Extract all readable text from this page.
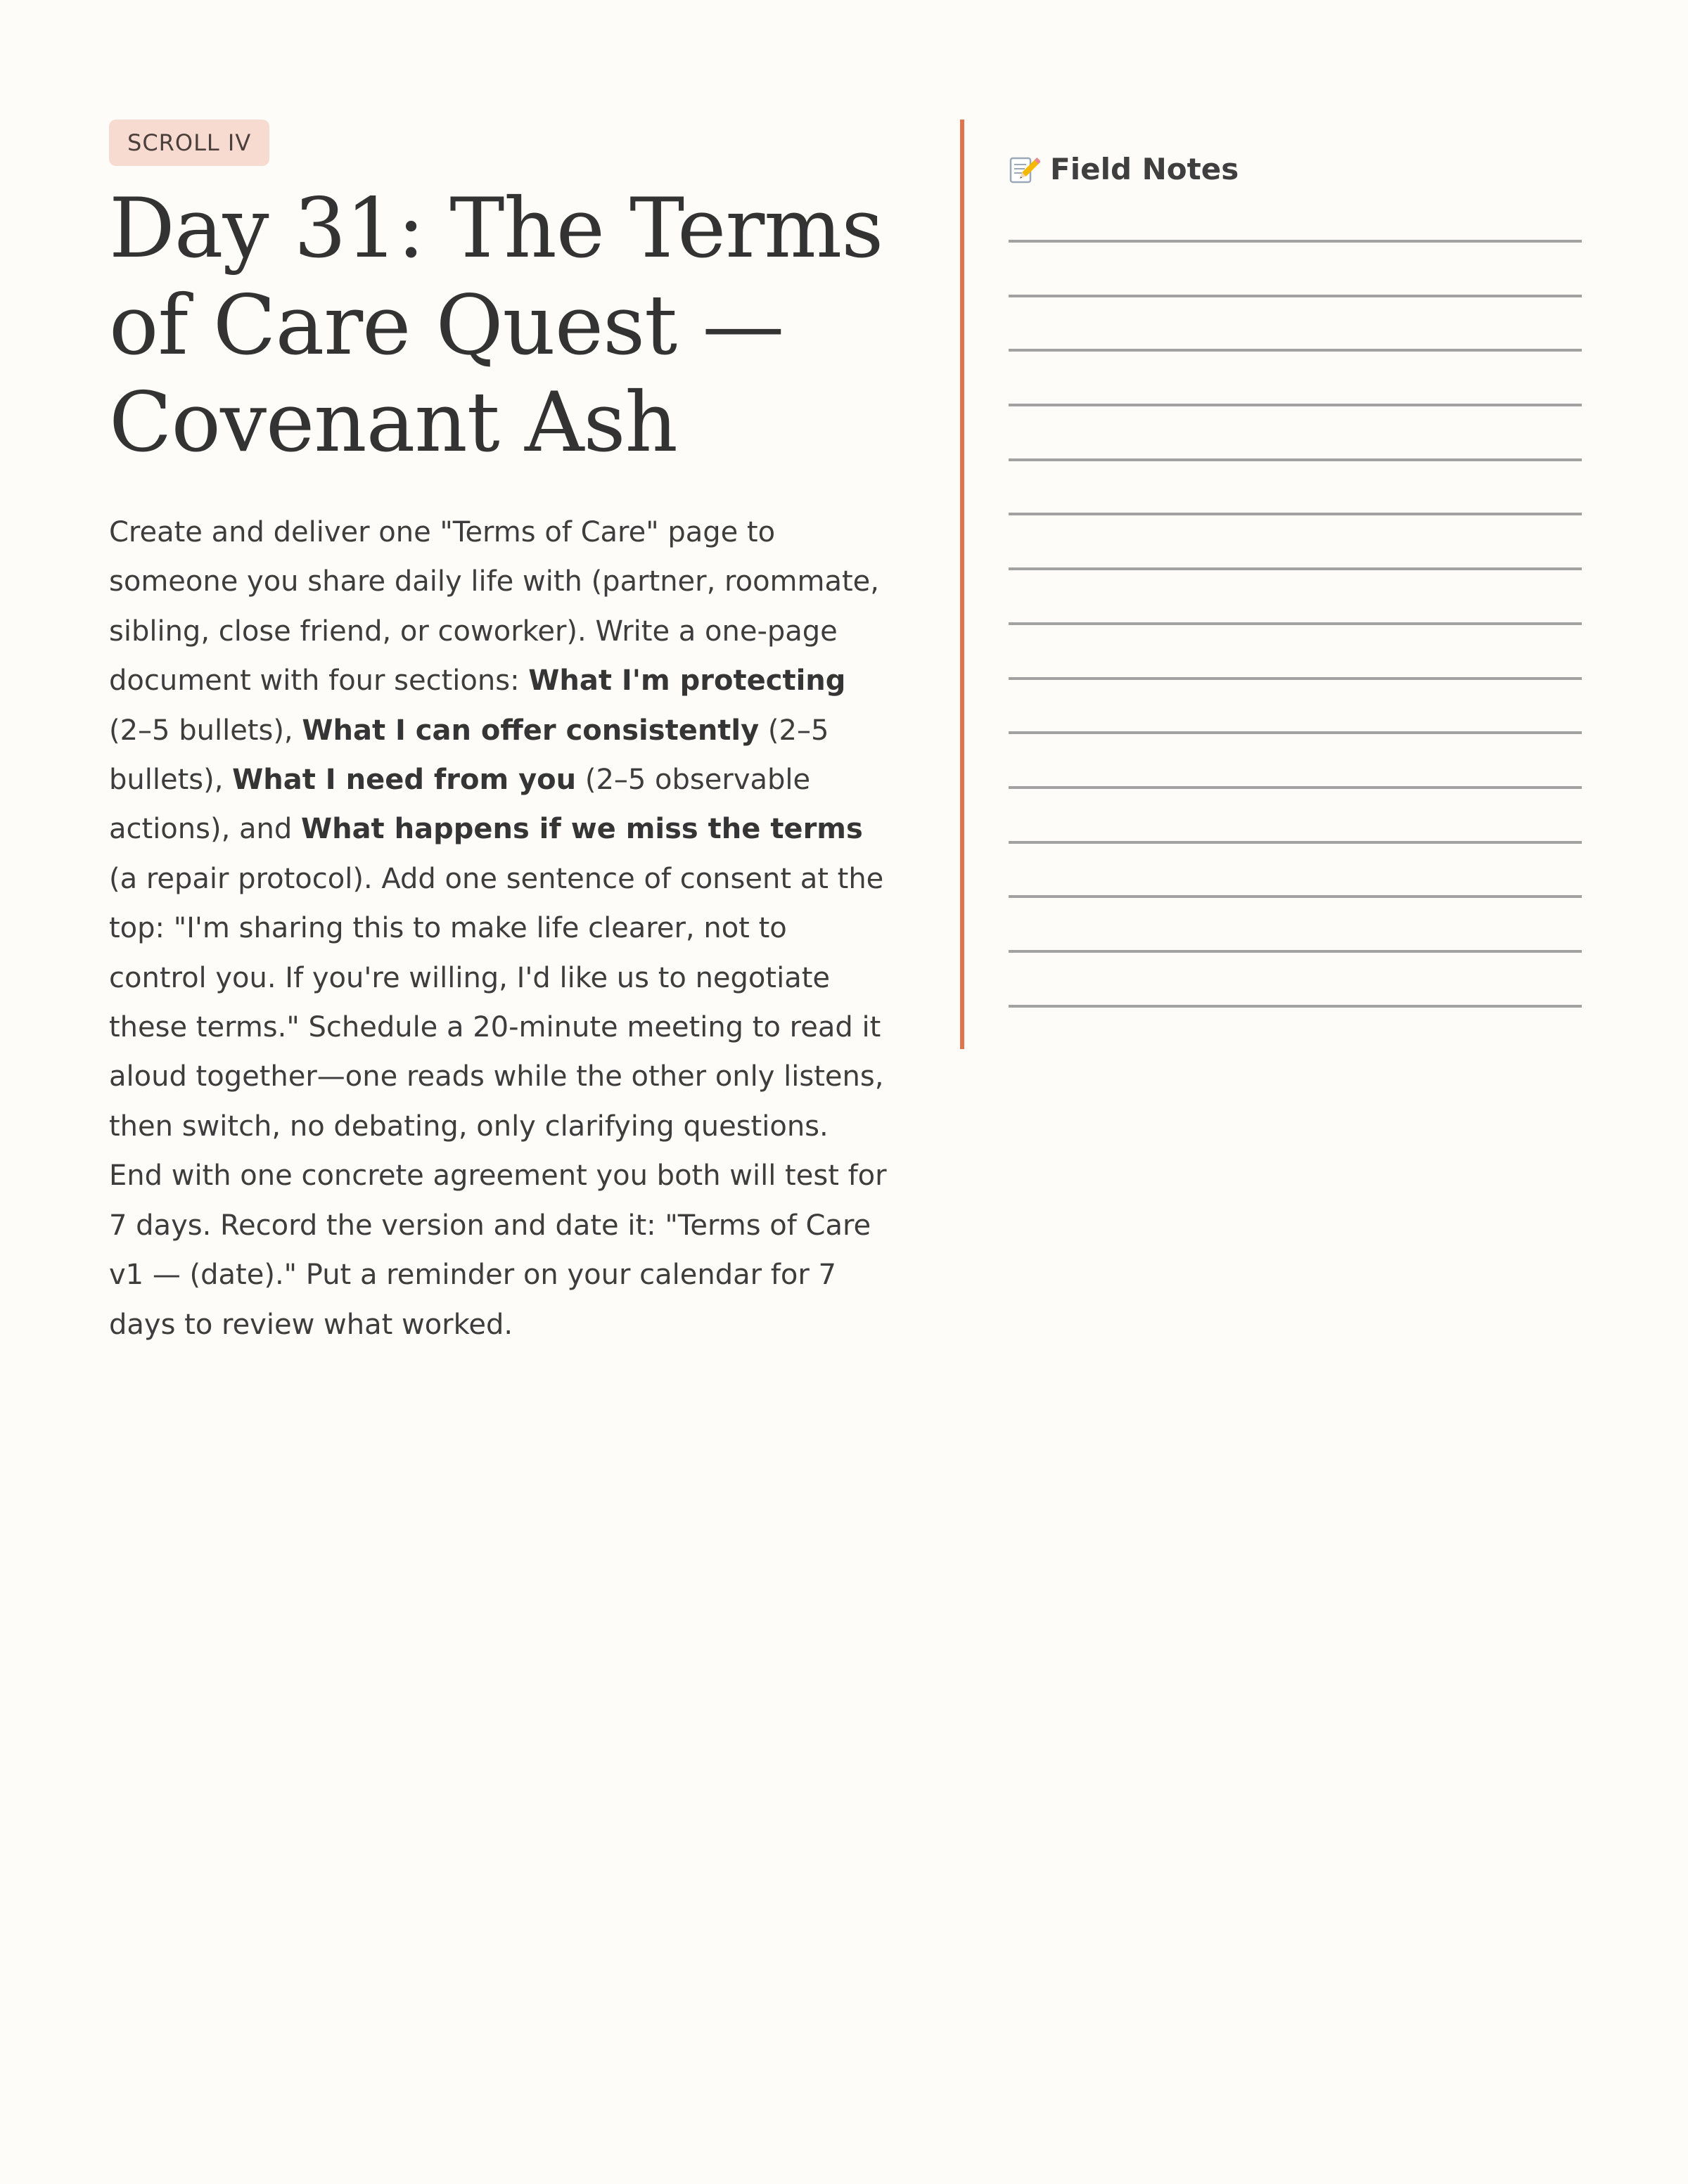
SCROLL IV
Day 31: The Terms of Care Quest — Covenant Ash

Create and deliver one "Terms of Care" page to someone you share daily life with (partner, roommate, sibling, close friend, or coworker). Write a one-page document with four sections: What I'm protecting (2–5 bullets), What I can offer consistently (2–5 bullets), What I need from you (2–5 observable actions), and What happens if we miss the terms (a repair protocol). Add one sentence of consent at the top: "I'm sharing this to make life clearer, not to control you. If you're willing, I'd like us to negotiate these terms." Schedule a 20-minute meeting to read it aloud together—one reads while the other only listens, then switch, no debating, only clarifying questions. End with one concrete agreement you both will test for 7 days. Record the version and date it: "Terms of Care v1 — (date)." Put a reminder on your calendar for 7 days to review what worked.

Field Notes
